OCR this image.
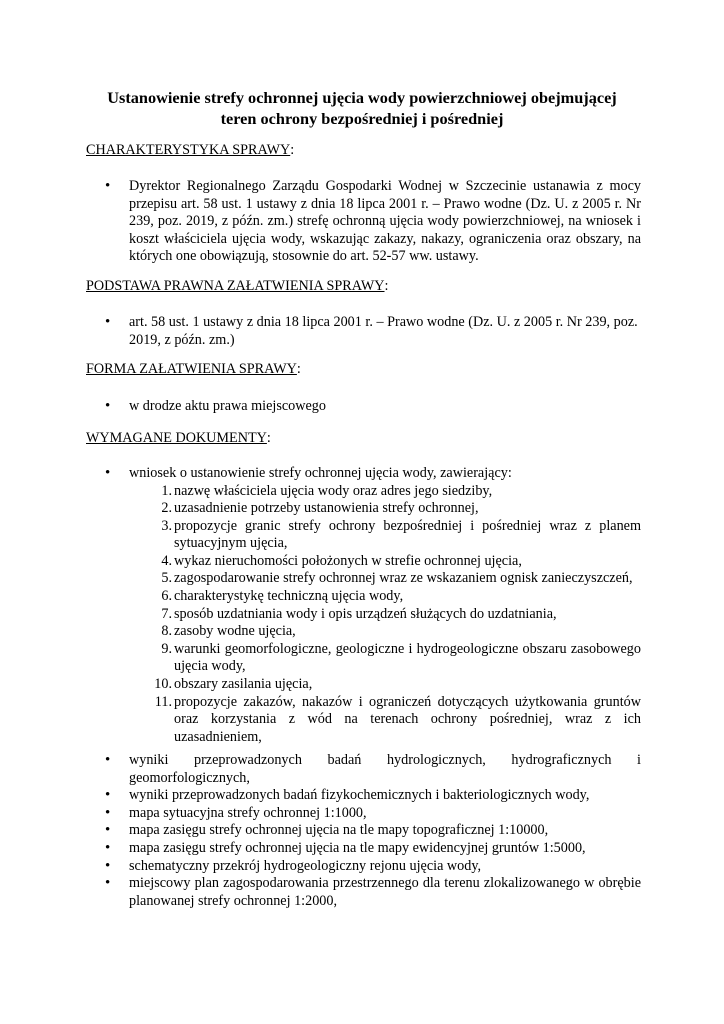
Ustanowienie strefy ochronnej ujęcia wody powierzchniowej obejmującej
teren ochrony bezpośredniej i pośredniej
CHARAKTERYSTYKA SPRAWY:
• Dyrektor Regionalnego Zarządu Gospodarki Wodnej w Szczecinie ustanawia z mocy przepisu art. 58 ust. 1 ustawy z dnia 18 lipca 2001 r. – Prawo wodne (Dz. U. z 2005 r. Nr 239, poz. 2019, z późn. zm.) strefę ochronną ujęcia wody powierzchniowej, na wniosek i koszt właściciela ujęcia wody, wskazując zakazy, nakazy, ograniczenia oraz obszary, na których one obowiązują, stosownie do art. 52-57 ww. ustawy.
PODSTAWA PRAWNA ZAŁATWIENIA SPRAWY:
• art. 58 ust. 1 ustawy z dnia 18 lipca 2001 r. – Prawo wodne (Dz. U. z 2005 r. Nr 239, poz. 2019, z późn. zm.)
FORMA ZAŁATWIENIA SPRAWY:
• w drodze aktu prawa miejscowego
WYMAGANE DOKUMENTY:
• wniosek o ustanowienie strefy ochronnej ujęcia wody, zawierający:
1. nazwę właściciela ujęcia wody oraz adres jego siedziby,
2. uzasadnienie potrzeby ustanowienia strefy ochronnej,
3. propozycje granic strefy ochrony bezpośredniej i pośredniej wraz z planem sytuacyjnym ujęcia,
4. wykaz nieruchomości położonych w strefie ochronnej ujęcia,
5. zagospodarowanie strefy ochronnej wraz ze wskazaniem ognisk zanieczyszczeń,
6. charakterystykę techniczną ujęcia wody,
7. sposób uzdatniania wody i opis urządzeń służących do uzdatniania,
8. zasoby wodne ujęcia,
9. warunki geomorfologiczne, geologiczne i hydrogeologiczne obszaru zasobowego ujęcia wody,
10. obszary zasilania ujęcia,
11. propozycje zakazów, nakazów i ograniczeń dotyczących użytkowania gruntów oraz korzystania z wód na terenach ochrony pośredniej, wraz z ich uzasadnieniem,
• wyniki przeprowadzonych badań hydrologicznych, hydrograficznych i geomorfologicznych,
• wyniki przeprowadzonych badań fizykochemicznych i bakteriologicznych wody,
• mapa sytuacyjna strefy ochronnej 1:1000,
• mapa zasięgu strefy ochronnej ujęcia na tle mapy topograficznej 1:10000,
• mapa zasięgu strefy ochronnej ujęcia na tle mapy ewidencyjnej gruntów 1:5000,
• schematyczny przekrój hydrogeologiczny rejonu ujęcia wody,
• miejscowy plan zagospodarowania przestrzennego dla terenu zlokalizowanego w obrębie planowanej strefy ochronnej 1:2000,
